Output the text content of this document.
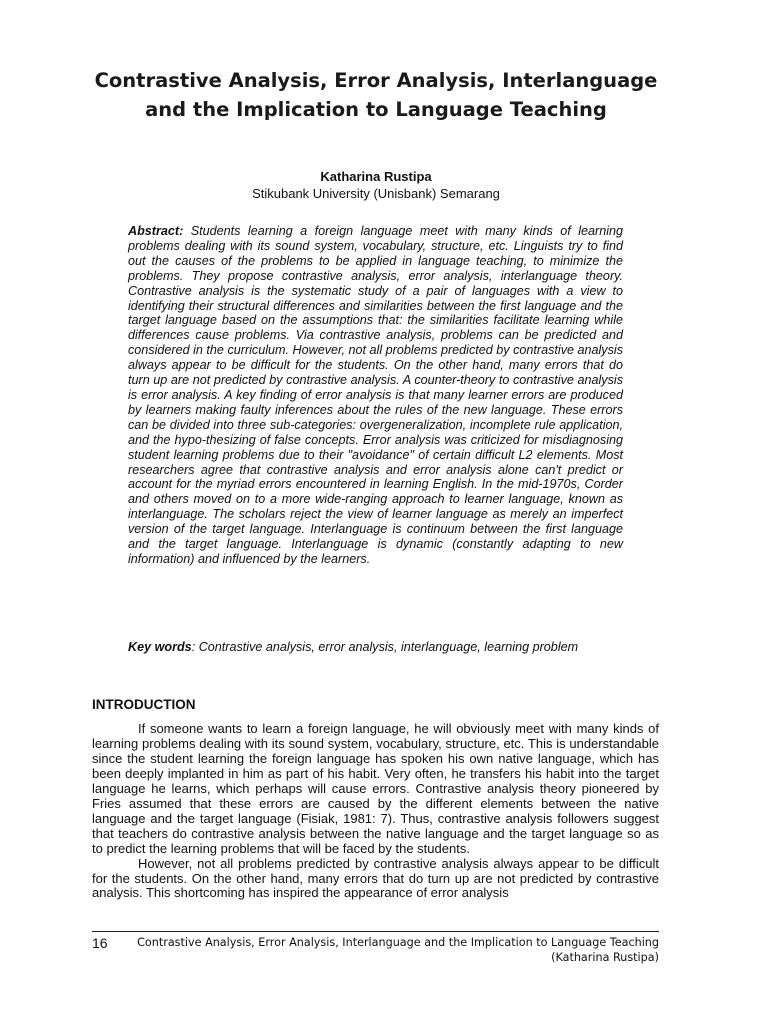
Contrastive Analysis, Error Analysis, Interlanguage and the Implication to Language Teaching
Katharina Rustipa
Stikubank University (Unisbank) Semarang

Abstract: Students learning a foreign language meet with many kinds of learning problems dealing with its sound system, vocabulary, structure, etc. Linguists try to find out the causes of the problems to be applied in language teaching, to minimize the problems. They propose contrastive analysis, error analysis, interlanguage theory. Contrastive analysis is the systematic study of a pair of languages with a view to identifying their structural differences and similarities between the first language and the target language based on the assumptions that: the similarities facilitate learning while differences cause problems. Via contrastive analysis, problems can be predicted and considered in the curriculum. However, not all problems predicted by contrastive analysis always appear to be difficult for the students. On the other hand, many errors that do turn up are not predicted by contrastive analysis. A counter-theory to contrastive analysis is error analysis. A key finding of error analysis is that many learner errors are produced by learners making faulty inferences about the rules of the new language. These errors can be divided into three sub-categories: overgeneralization, incomplete rule application, and the hypo-thesizing of false concepts. Error analysis was criticized for misdiagnosing student learning problems due to their "avoidance" of certain difficult L2 elements. Most researchers agree that contrastive analysis and error analysis alone can't predict or account for the myriad errors encountered in learning English. In the mid-1970s, Corder and others moved on to a more wide-ranging approach to learner language, known as interlanguage. The scholars reject the view of learner language as merely an imperfect version of the target language. Interlanguage is continuum between the first language and the target language. Interlanguage is dynamic (constantly adapting to new information) and influenced by the learners.

Key words: Contrastive analysis, error analysis, interlanguage, learning problem

INTRODUCTION

If someone wants to learn a foreign language, he will obviously meet with many kinds of learning problems dealing with its sound system, vocabulary, structure, etc. This is understandable since the student learning the foreign language has spoken his own native language, which has been deeply implanted in him as part of his habit. Very often, he transfers his habit into the target language he learns, which perhaps will cause errors. Contrastive analysis theory pioneered by Fries assumed that these errors are caused by the different elements between the native language and the target language (Fisiak, 1981: 7). Thus, contrastive analysis followers suggest that teachers do contrastive analysis between the native language and the target language so as to predict the learning problems that will be faced by the students.

However, not all problems predicted by contrastive analysis always appear to be difficult for the students. On the other hand, many errors that do turn up are not predicted by contrastive analysis. This shortcoming has inspired the appearance of error analysis

16	Contrastive Analysis, Error Analysis, Interlanguage and the Implication to Language Teaching
(Katharina Rustipa)
